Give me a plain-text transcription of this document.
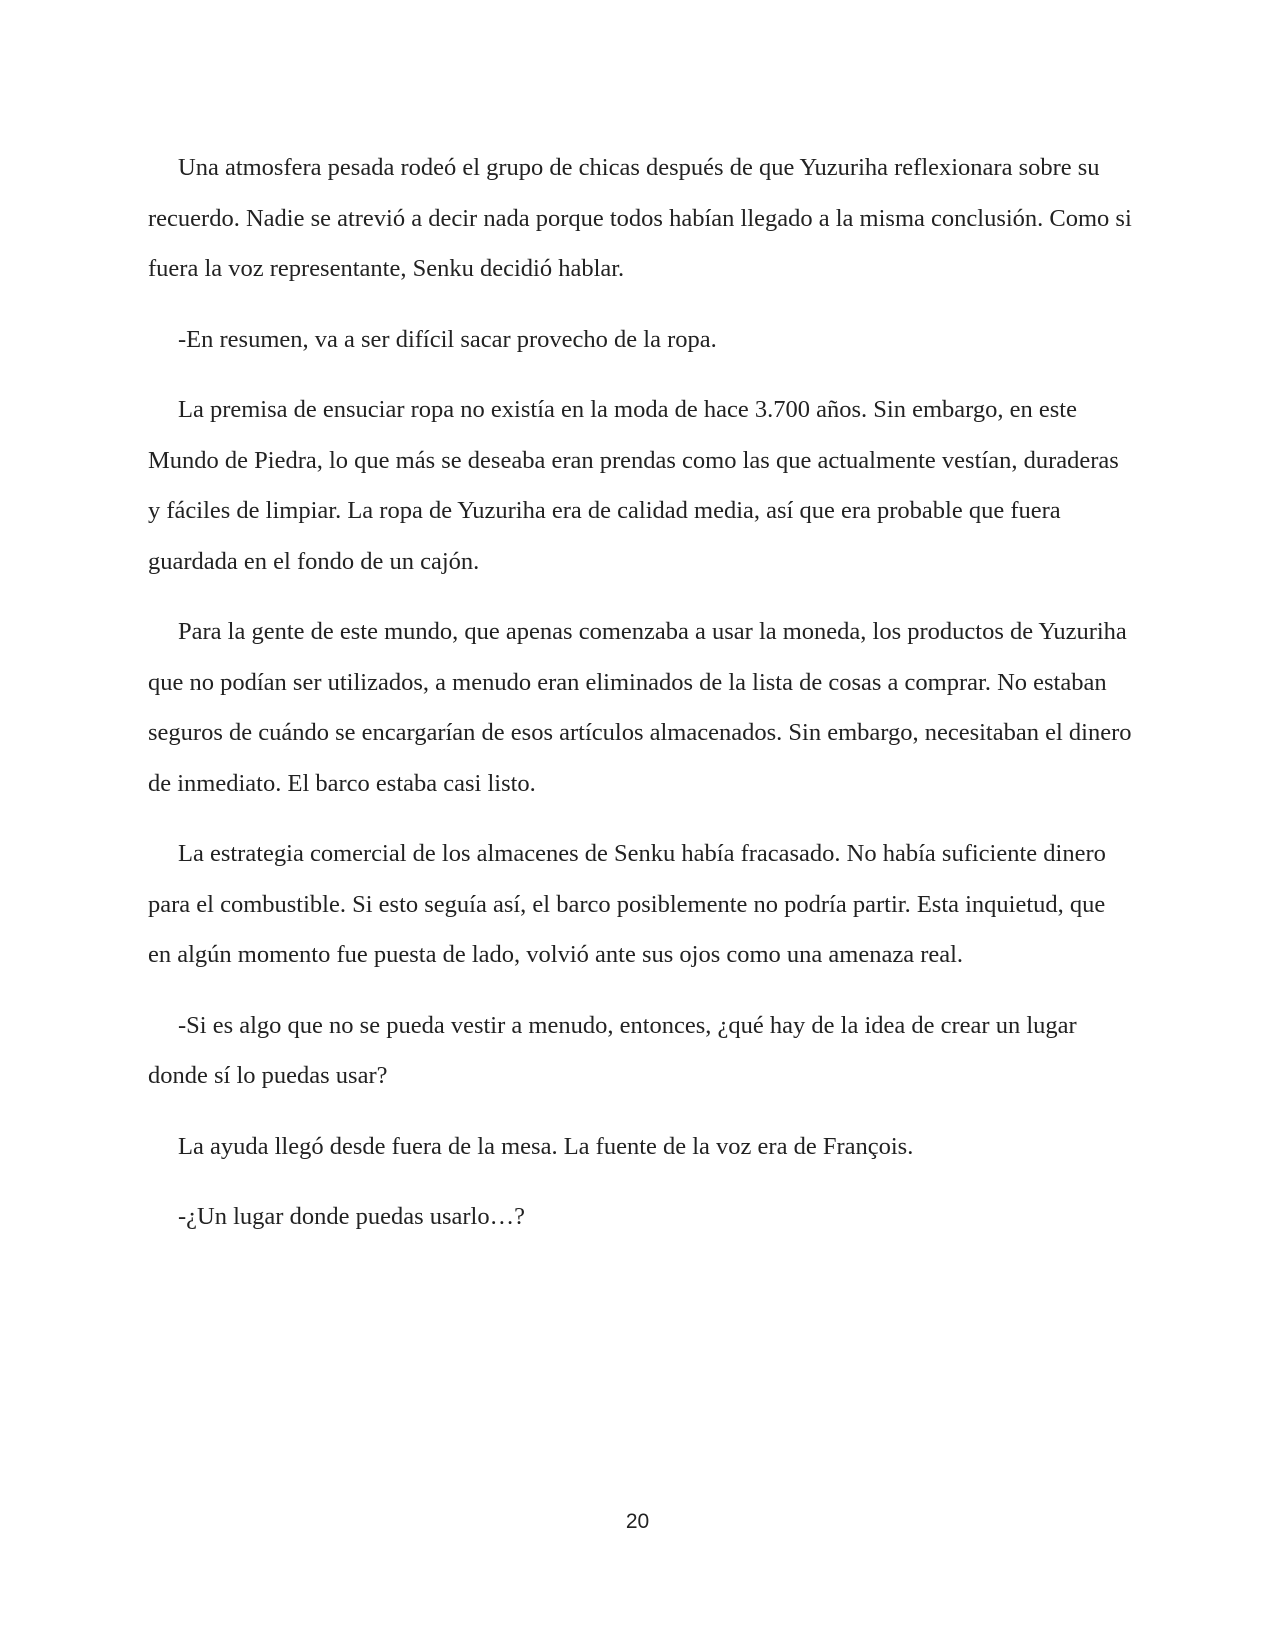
Una atmosfera pesada rodeó el grupo de chicas después de que Yuzuriha reflexionara sobre su recuerdo. Nadie se atrevió a decir nada porque todos habían llegado a la misma conclusión. Como si fuera la voz representante, Senku decidió hablar.

-En resumen, va a ser difícil sacar provecho de la ropa.

La premisa de ensuciar ropa no existía en la moda de hace 3.700 años. Sin embargo, en este Mundo de Piedra, lo que más se deseaba eran prendas como las que actualmente vestían, duraderas y fáciles de limpiar. La ropa de Yuzuriha era de calidad media, así que era probable que fuera guardada en el fondo de un cajón.

Para la gente de este mundo, que apenas comenzaba a usar la moneda, los productos de Yuzuriha que no podían ser utilizados, a menudo eran eliminados de la lista de cosas a comprar. No estaban seguros de cuándo se encargarían de esos artículos almacenados. Sin embargo, necesitaban el dinero de inmediato. El barco estaba casi listo.

La estrategia comercial de los almacenes de Senku había fracasado. No había suficiente dinero para el combustible. Si esto seguía así, el barco posiblemente no podría partir. Esta inquietud, que en algún momento fue puesta de lado, volvió ante sus ojos como una amenaza real.

-Si es algo que no se pueda vestir a menudo, entonces, ¿qué hay de la idea de crear un lugar donde sí lo puedas usar?

La ayuda llegó desde fuera de la mesa. La fuente de la voz era de François.

-¿Un lugar donde puedas usarlo…?

20
